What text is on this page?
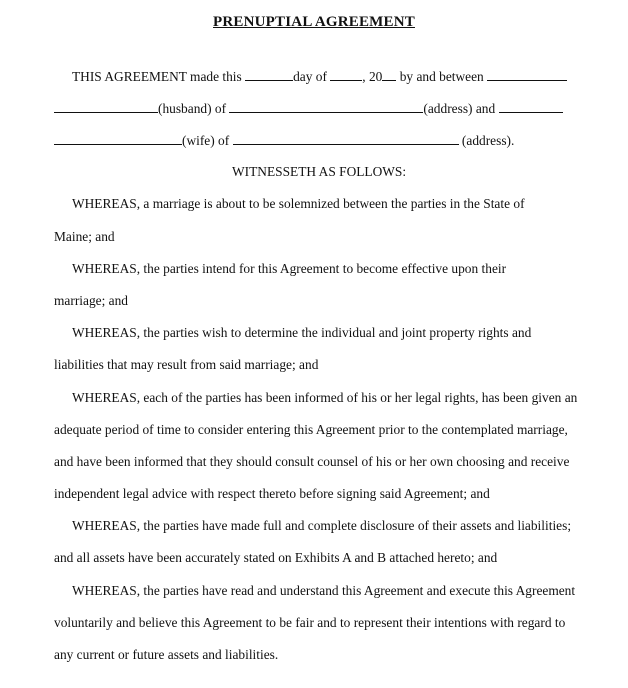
PRENUPTIAL AGREEMENT
THIS AGREEMENT made this	day of , 20 by and between
(husband) of	(address) and
(wife) of	(address).
WITNESSETH AS FOLLOWS:
WHEREAS, a marriage is about to be solemnized between the parties in the State of
Maine; and
WHEREAS, the parties intend for this Agreement to become effective upon their
marriage; and
WHEREAS, the parties wish to determine the individual and joint property rights and
liabilities that may result from said marriage; and
WHEREAS, each of the parties has been informed of his or her legal rights, has been given an
adequate period of time to consider entering this Agreement prior to the contemplated marriage,
and have been informed that they should consult counsel of his or her own choosing and receive
independent legal advice with respect thereto before signing said Agreement; and
WHEREAS, the parties have made full and complete disclosure of their assets and liabilities;
and all assets have been accurately stated on Exhibits A and B attached hereto; and
WHEREAS, the parties have read and understand this Agreement and execute this Agreement
voluntarily and believe this Agreement to be fair and to represent their intentions with regard to
any current or future assets and liabilities.
